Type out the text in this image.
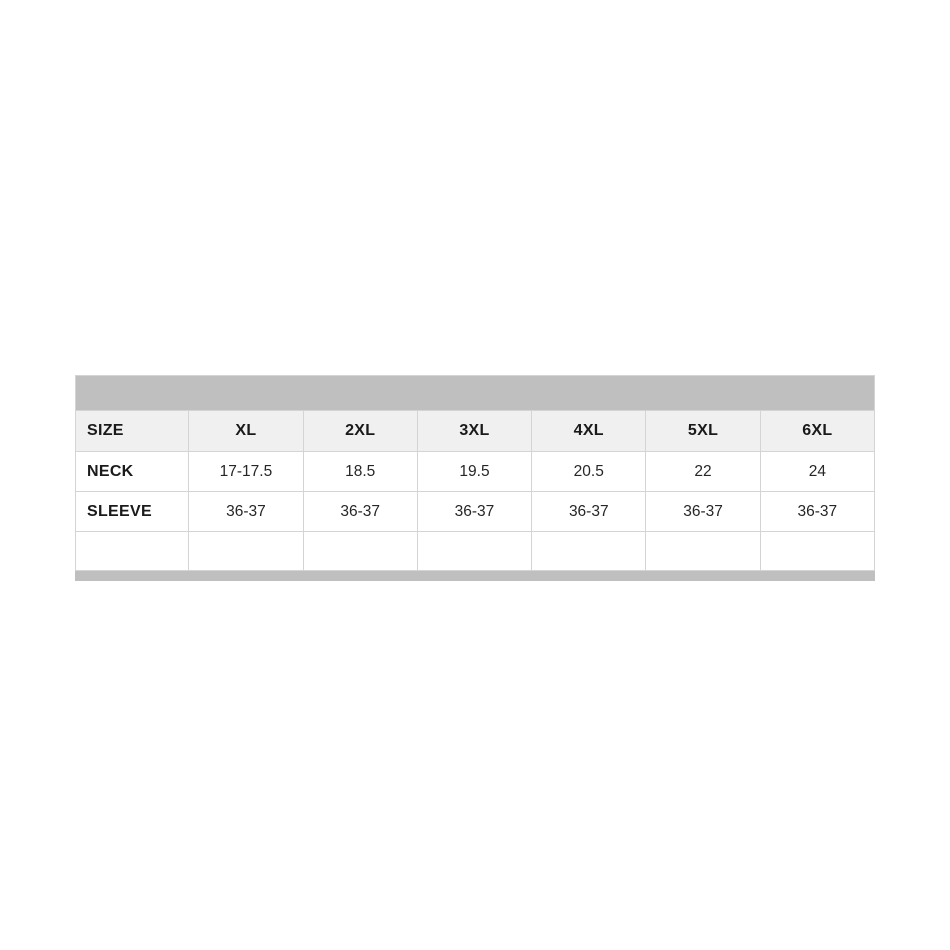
SIZE	XL	2XL	3XL	4XL	5XL	6XL
NECK	17-17.5	18.5	19.5	20.5	22	24
SLEEVE	36-37	36-37	36-37	36-37	36-37	36-37
